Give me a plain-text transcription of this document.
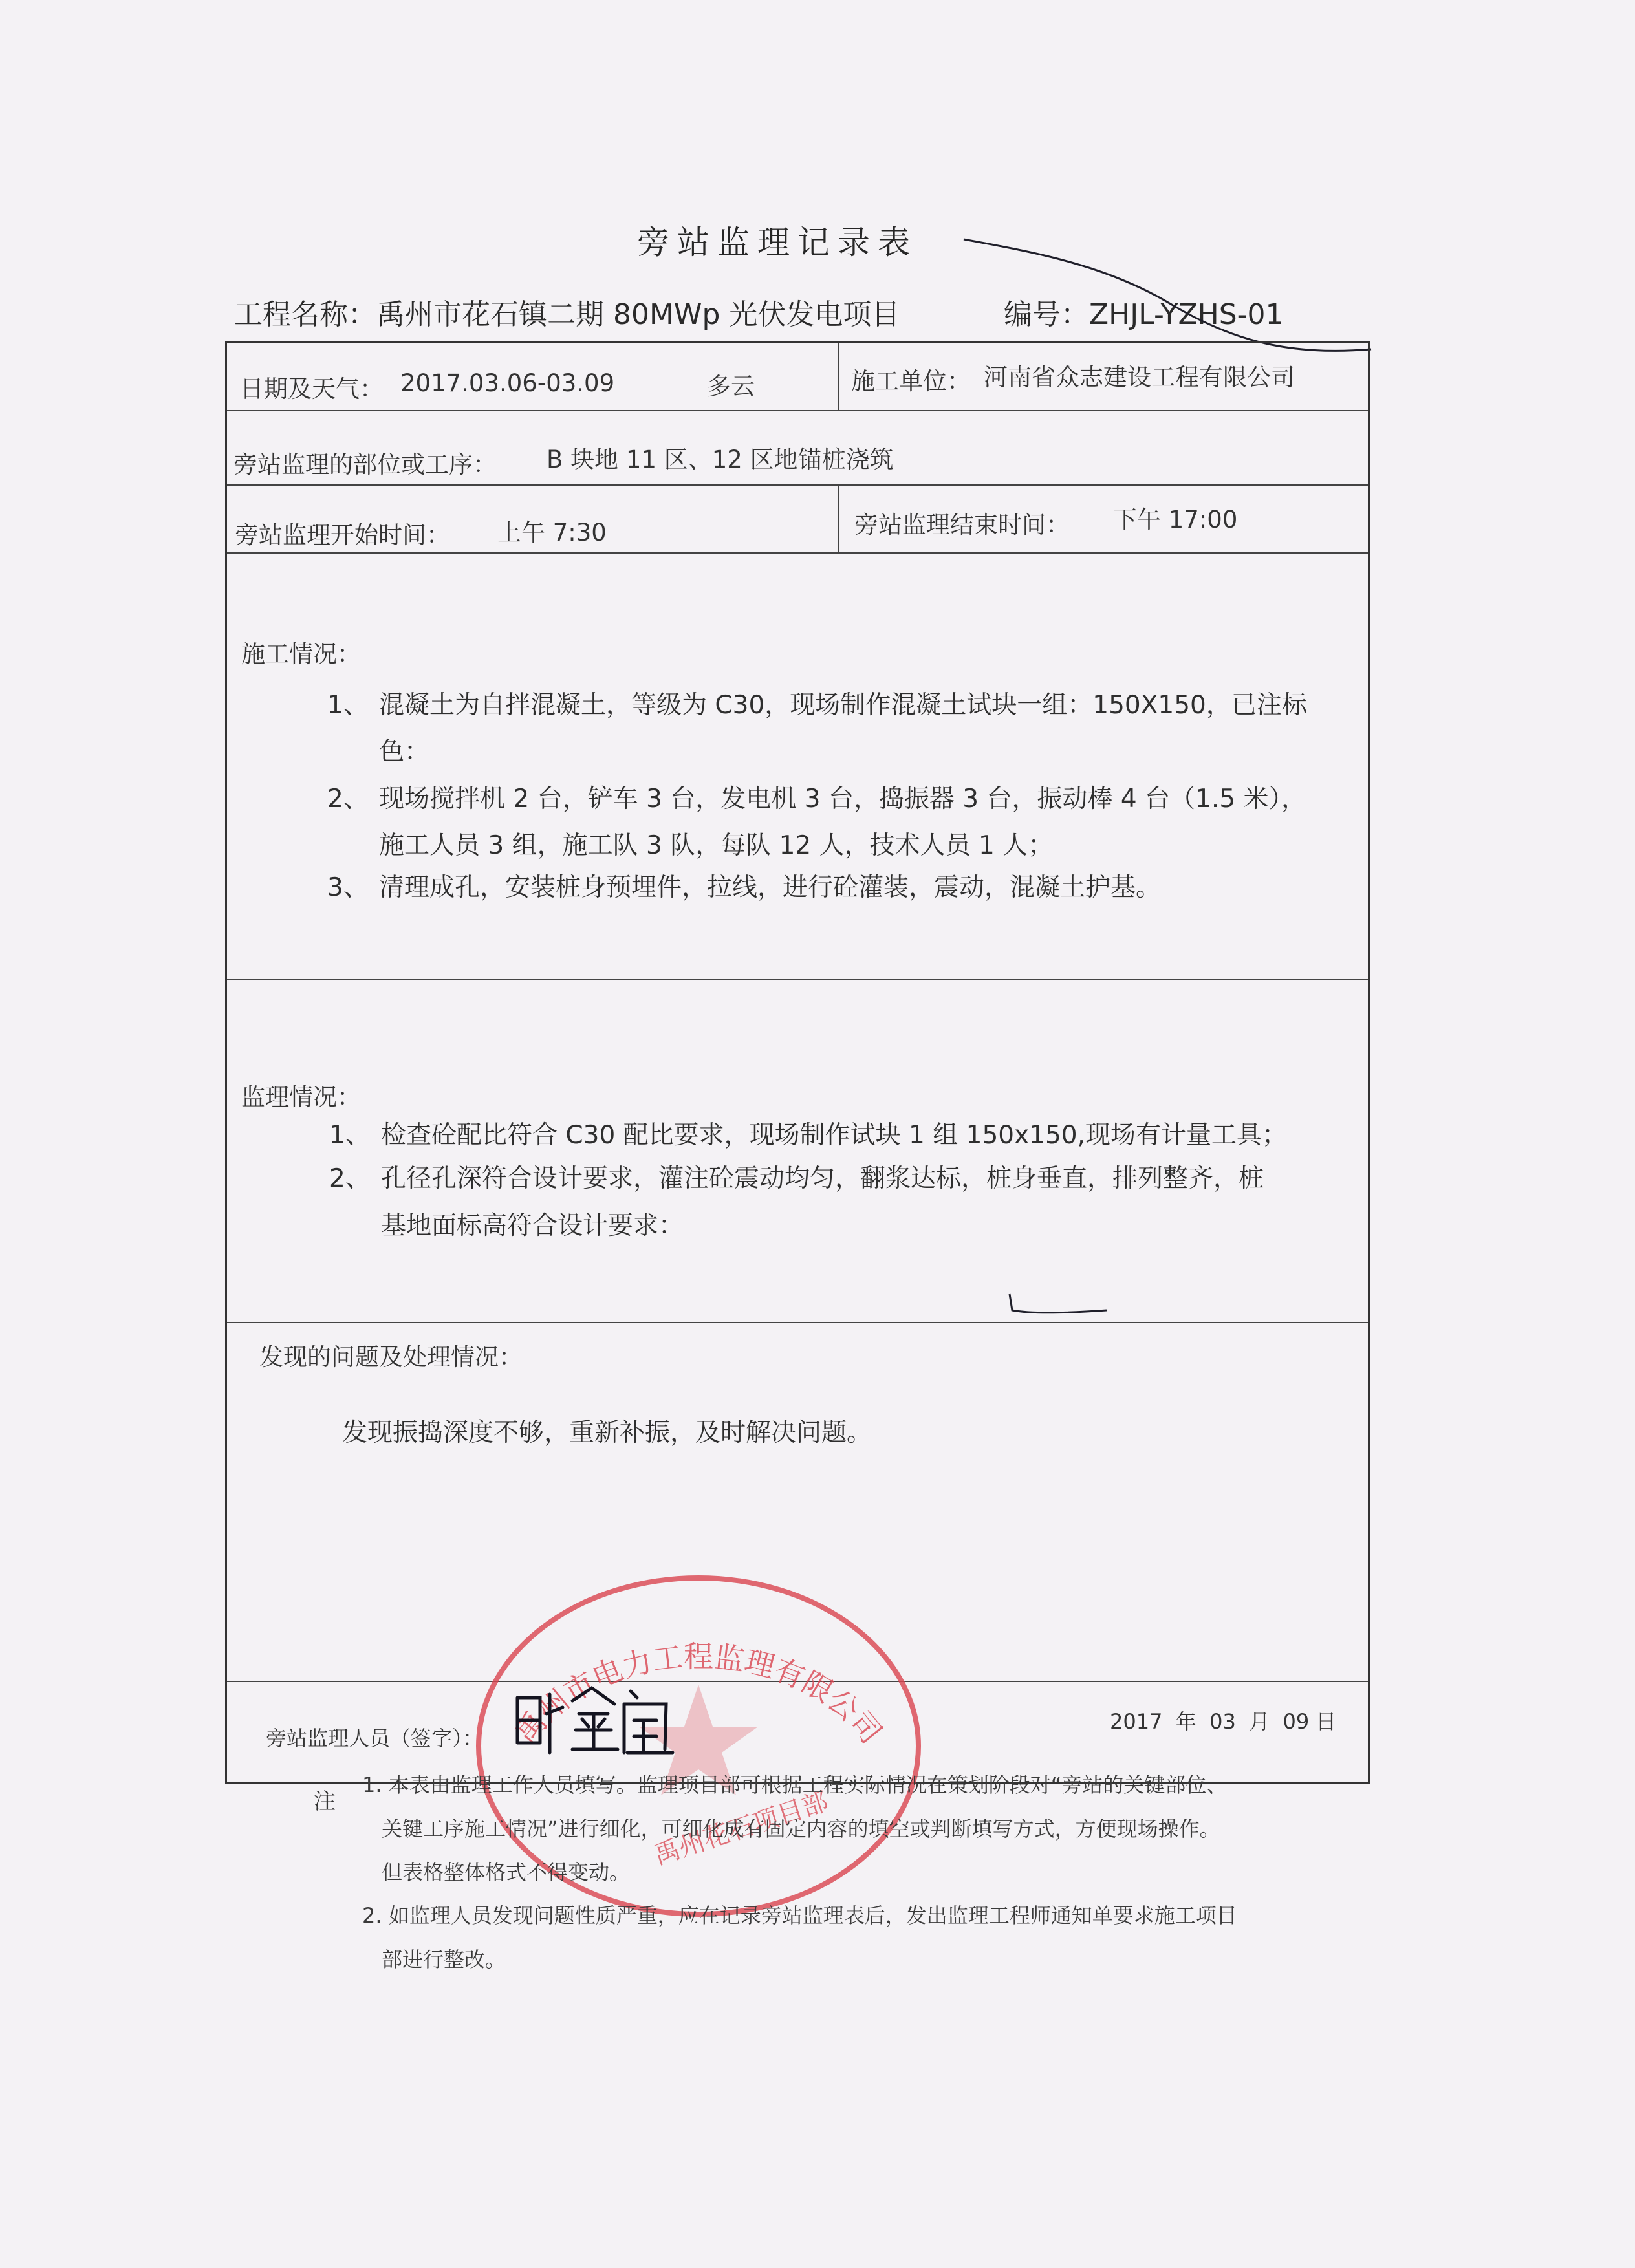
旁站监理记录表
工程名称：禹州市花石镇二期 80MWp 光伏发电项目	编号：ZHJL-YZHS-01
日期及天气： 2017.03.06-03.09	多云	施工单位： 河南省众志建设工程有限公司
旁站监理的部位或工序： B 块地 11 区、12 区地锚桩浇筑
旁站监理开始时间： 上午 7:30	旁站监理结束时间： 下午 17:00
施工情况：
1、 混凝土为自拌混凝土，等级为 C30，现场制作混凝土试块一组：150X150，已注标
色：
2、 现场搅拌机 2 台，铲车 3 台，发电机 3 台，捣振器 3 台，振动棒 4 台（1.5 米），
施工人员 3 组，施工队 3 队，每队 12 人，技术人员 1 人；
3、 清理成孔，安装桩身预埋件，拉线，进行砼灌装，震动，混凝土护基。
监理情况：
1、 检查砼配比符合 C30 配比要求，现场制作试块 1 组 150x150,现场有计量工具；
2、 孔径孔深符合设计要求，灌注砼震动均匀，翻浆达标，桩身垂直，排列整齐，桩
基地面标高符合设计要求：
发现的问题及处理情况：
发现振捣深度不够，重新补振，及时解决问题。
旁站监理人员（签字）：
2017  年  03  月  09 日
禹州市电力工程监理有限公司
禹州花石项目部
注
1. 本表由监理工作人员填写。监理项目部可根据工程实际情况在策划阶段对“旁站的关键部位、
关键工序施工情况”进行细化，可细化成有固定内容的填空或判断填写方式，方便现场操作。
但表格整体格式不得变动。
2. 如监理人员发现问题性质严重，应在记录旁站监理表后，发出监理工程师通知单要求施工项目
部进行整改。
